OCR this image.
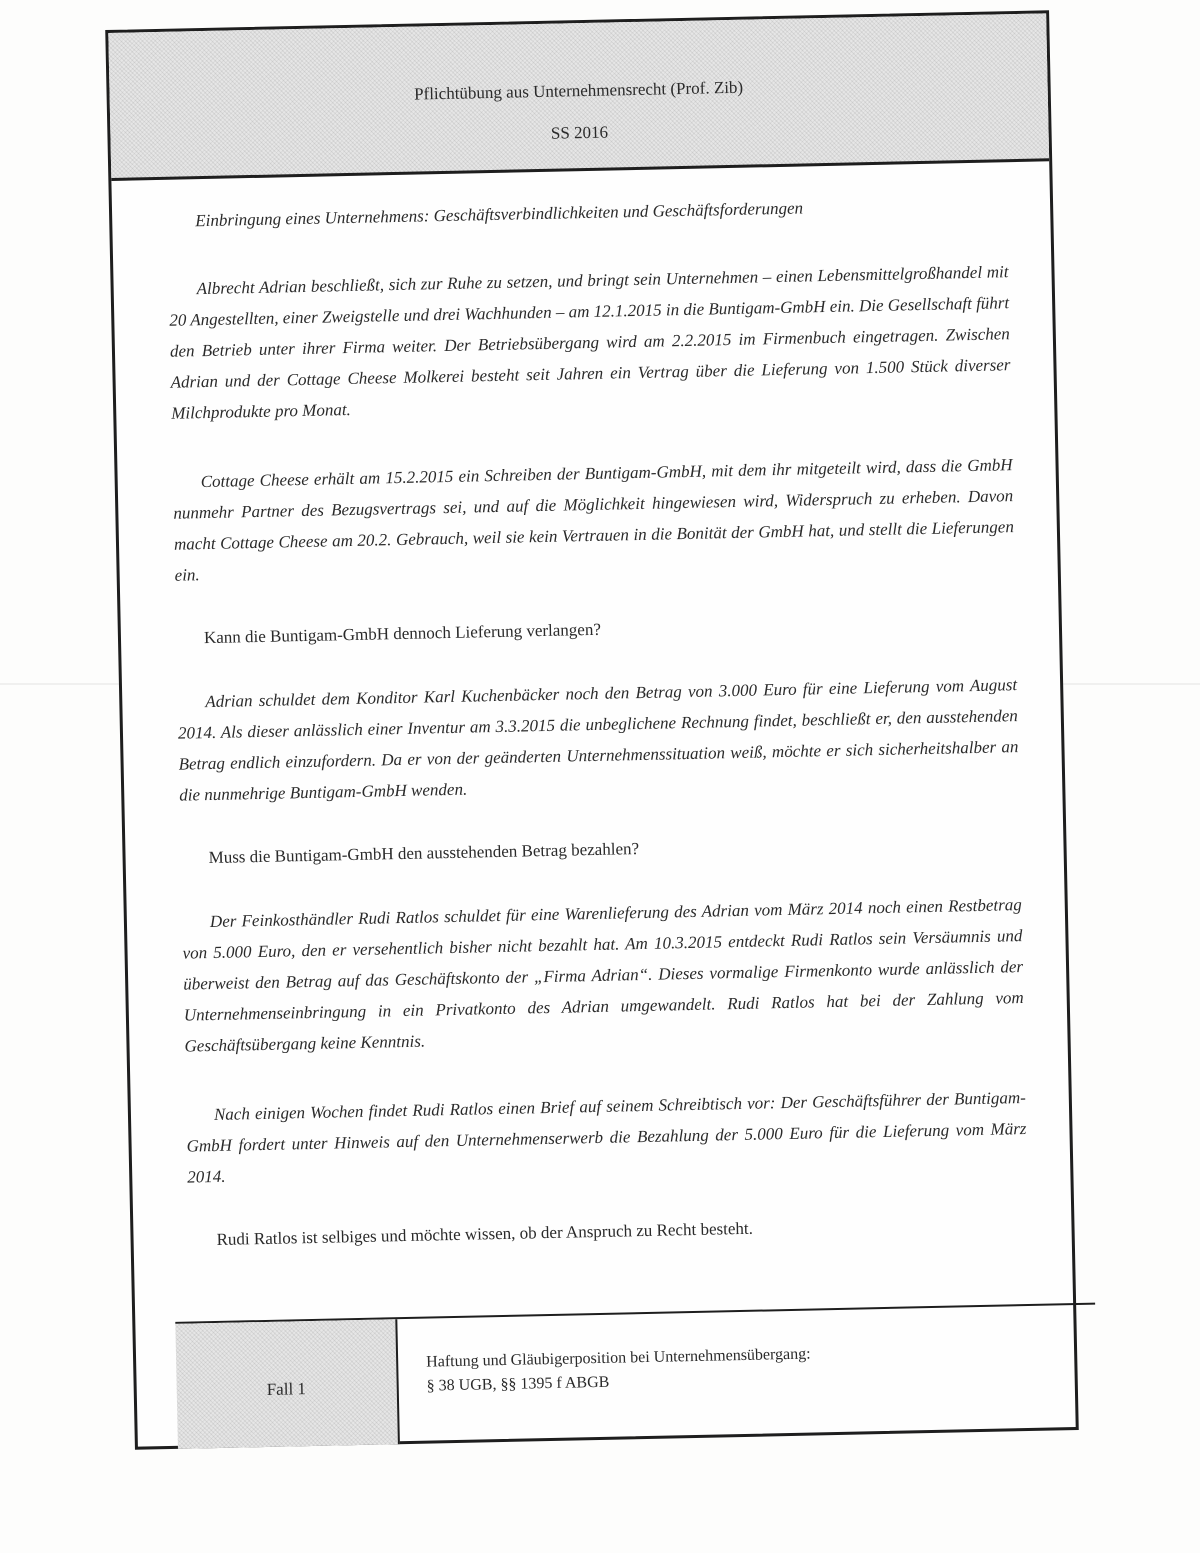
Pflichtübung aus Unternehmensrecht (Prof. Zib)
SS 2016

Einbringung eines Unternehmens: Geschäftsverbindlichkeiten und Geschäftsforderungen

Albrecht Adrian beschließt, sich zur Ruhe zu setzen, und bringt sein Unternehmen – einen Lebensmittelgroßhandel mit 20 Angestellten, einer Zweigstelle und drei Wachhunden – am 12.1.2015 in die Buntigam-GmbH ein. Die Gesellschaft führt den Betrieb unter ihrer Firma weiter. Der Betriebsübergang wird am 2.2.2015 im Firmenbuch eingetragen. Zwischen Adrian und der Cottage Cheese Molkerei besteht seit Jahren ein Vertrag über die Lieferung von 1.500 Stück diverser Milchprodukte pro Monat.

Cottage Cheese erhält am 15.2.2015 ein Schreiben der Buntigam-GmbH, mit dem ihr mitgeteilt wird, dass die GmbH nunmehr Partner des Bezugsvertrags sei, und auf die Möglichkeit hingewiesen wird, Widerspruch zu erheben. Davon macht Cottage Cheese am 20.2. Gebrauch, weil sie kein Vertrauen in die Bonität der GmbH hat, und stellt die Lieferungen ein.

Kann die Buntigam-GmbH dennoch Lieferung verlangen?

Adrian schuldet dem Konditor Karl Kuchenbäcker noch den Betrag von 3.000 Euro für eine Lieferung vom August 2014. Als dieser anlässlich einer Inventur am 3.3.2015 die unbeglichene Rechnung findet, beschließt er, den ausstehenden Betrag endlich einzufordern. Da er von der geänderten Unternehmenssituation weiß, möchte er sich sicherheitshalber an die nunmehrige Buntigam-GmbH wenden.

Muss die Buntigam-GmbH den ausstehenden Betrag bezahlen?

Der Feinkosthändler Rudi Ratlos schuldet für eine Warenlieferung des Adrian vom März 2014 noch einen Restbetrag von 5.000 Euro, den er versehentlich bisher nicht bezahlt hat. Am 10.3.2015 entdeckt Rudi Ratlos sein Versäumnis und überweist den Betrag auf das Geschäftskonto der „Firma Adrian“. Dieses vormalige Firmenkonto wurde anlässlich der Unternehmenseinbringung in ein Privatkonto des Adrian umgewandelt. Rudi Ratlos hat bei der Zahlung vom Geschäftsübergang keine Kenntnis.

Nach einigen Wochen findet Rudi Ratlos einen Brief auf seinem Schreibtisch vor: Der Geschäftsführer der Buntigam-GmbH fordert unter Hinweis auf den Unternehmenserwerb die Bezahlung der 5.000 Euro für die Lieferung vom März 2014.

Rudi Ratlos ist selbiges und möchte wissen, ob der Anspruch zu Recht besteht.

Fall 1
Haftung und Gläubigerposition bei Unternehmensübergang:
§ 38 UGB, §§ 1395 f ABGB
